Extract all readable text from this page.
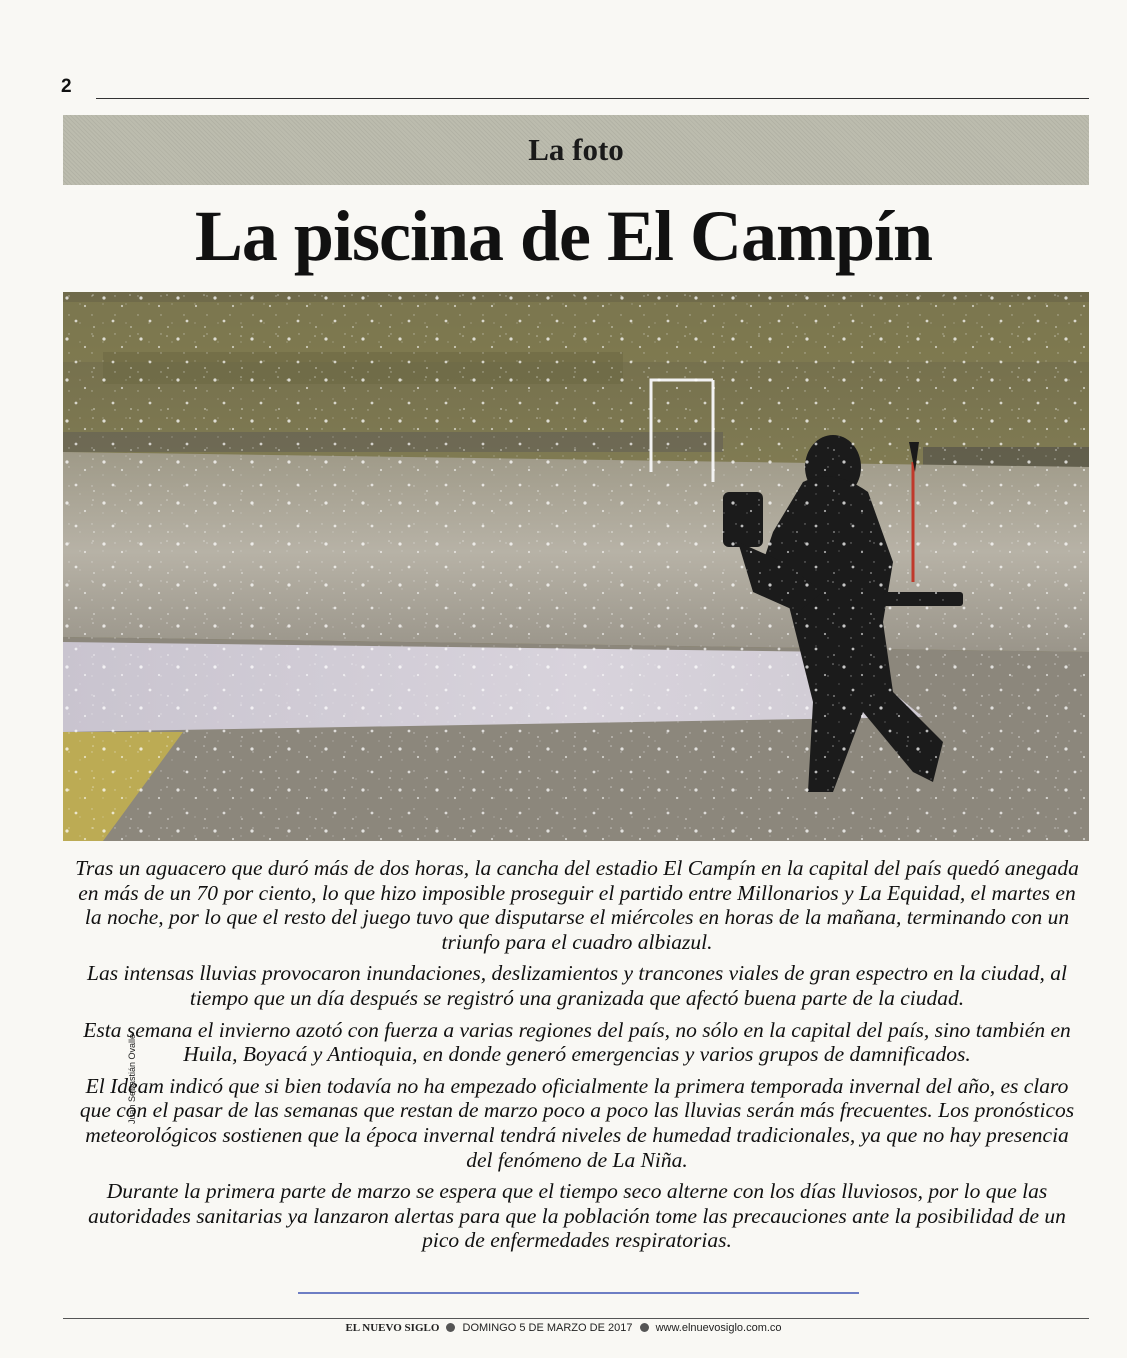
2
La foto
La piscina de El Campín
Juan Sebastián Ovalle

Tras un aguacero que duró más de dos horas, la cancha del estadio El Campín en la capital del país quedó anegada en más de un 70 por ciento, lo que hizo imposible proseguir el partido entre Millonarios y La Equidad, el martes en la noche, por lo que el resto del juego tuvo que disputarse el miércoles en horas de la mañana, terminando con un triunfo para el cuadro albiazul.

Las intensas lluvias provocaron inundaciones, deslizamientos y trancones viales de gran espectro en la ciudad, al tiempo que un día después se registró una granizada que afectó buena parte de la ciudad.

Esta semana el invierno azotó con fuerza a varias regiones del país, no sólo en la capital del país, sino también en Huila, Boyacá y Antioquia, en donde generó emergencias y varios grupos de damnificados.

El Ideam indicó que si bien todavía no ha empezado oficialmente la primera temporada invernal del año, es claro que con el pasar de las semanas que restan de marzo poco a poco las lluvias serán más frecuentes. Los pronósticos meteorológicos sostienen que la época invernal tendrá niveles de humedad tradicionales, ya que no hay presencia del fenómeno de La Niña.

Durante la primera parte de marzo se espera que el tiempo seco alterne con los días lluviosos, por lo que las autoridades sanitarias ya lanzaron alertas para que la población tome las precauciones ante la posibilidad de un pico de enfermedades respiratorias.

EL NUEVO SIGLO DOMINGO 5 DE MARZO DE 2017 www.elnuevosiglo.com.co
